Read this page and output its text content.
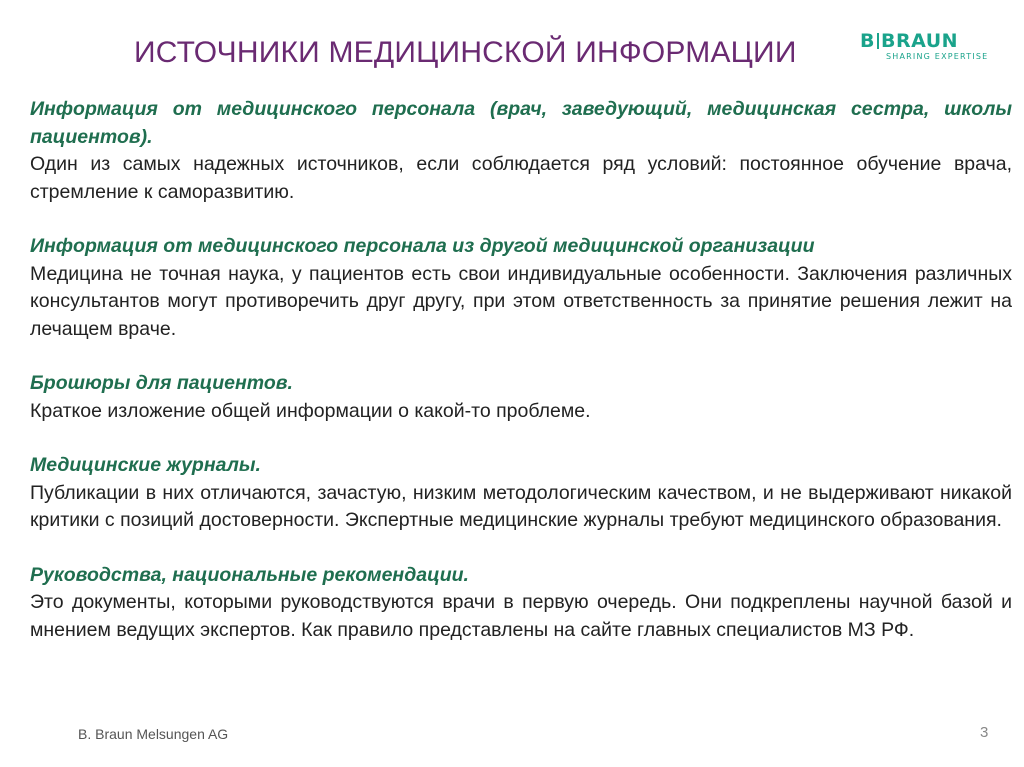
ИСТОЧНИКИ МЕДИЦИНСКОЙ ИНФОРМАЦИИ	B BRAUN
SHARING EXPERTISE
Информация от медицинского персонала (врач, заведующий, медицинская сестра, школы пациентов).
Один из самых надежных источников, если соблюдается ряд условий: постоянное обучение врача, стремление к саморазвитию.
Информация от медицинского персонала из другой медицинской организации
Медицина не точная наука, у пациентов есть свои индивидуальные особенности. Заключения различных консультантов могут противоречить друг другу, при этом ответственность за принятие решения лежит на лечащем враче.
Брошюры для пациентов.
Краткое изложение общей информации о какой-то проблеме.
Медицинские журналы.
Публикации в них отличаются, зачастую, низким методологическим качеством, и не выдерживают никакой критики с позиций достоверности. Экспертные медицинские журналы требуют медицинского образования.
Руководства, национальные рекомендации.
Это документы, которыми руководствуются врачи в первую очередь. Они подкреплены научной базой и мнением ведущих экспертов. Как правило представлены на сайте главных специалистов МЗ РФ.
B. Braun Melsungen AG	3
